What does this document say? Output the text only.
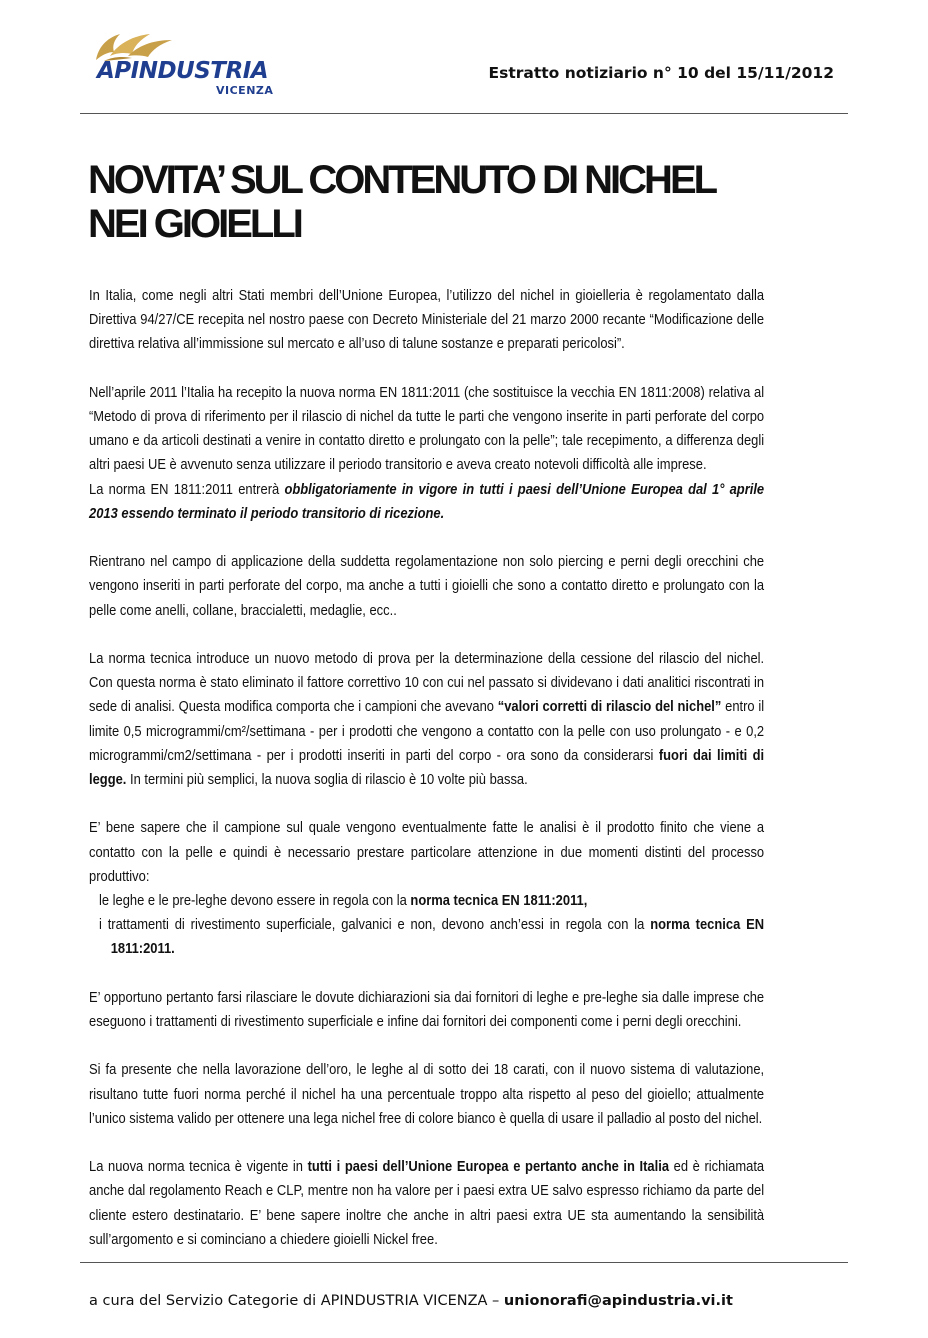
APINDUSTRIA
VICENZA
Estratto notiziario n° 10 del 15/11/2012
NOVITA’ SUL CONTENUTO DI NICHEL
NEI GIOIELLI

In Italia, come negli altri Stati membri dell’Unione Europea, l’utilizzo del nichel in gioielleria è regolamentato dalla Direttiva 94/27/CE recepita nel nostro paese con Decreto Ministeriale del 21 marzo 2000 recante “Modificazione delle direttiva relativa all’immissione sul mercato e all’uso di talune sostanze e preparati pericolosi”.

Nell’aprile 2011 l’Italia ha recepito la nuova norma EN 1811:2011 (che sostituisce la vecchia EN 1811:2008) relativa al “Metodo di prova di riferimento per il rilascio di nichel da tutte le parti che vengono inserite in parti perforate del corpo umano e da articoli destinati a venire in contatto diretto e prolungato con la pelle”; tale recepimento, a differenza degli altri paesi UE è avvenuto senza utilizzare il periodo transitorio e aveva creato notevoli difficoltà alle imprese.

La norma EN 1811:2011 entrerà obbligatoriamente in vigore in tutti i paesi dell’Unione Europea dal 1° aprile 2013 essendo terminato il periodo transitorio di ricezione.

Rientrano nel campo di applicazione della suddetta regolamentazione non solo piercing e perni degli orecchini che vengono inseriti in parti perforate del corpo, ma anche a tutti i gioielli che sono a contatto diretto e prolungato con la pelle come anelli, collane, braccialetti, medaglie, ecc..

La norma tecnica introduce un nuovo metodo di prova per la determinazione della cessione del rilascio del nichel. Con questa norma è stato eliminato il fattore correttivo 10 con cui nel passato si dividevano i dati analitici riscontrati in sede di analisi. Questa modifica comporta che i campioni che avevano “valori corretti di rilascio del nichel” entro il limite 0,5 microgrammi/cm²/settimana - per i prodotti che vengono a contatto con la pelle con uso prolungato - e 0,2 microgrammi/cm2/settimana - per i prodotti inseriti in parti del corpo - ora sono da considerarsi fuori dai limiti di legge. In termini più semplici, la nuova soglia di rilascio è 10 volte più bassa.

E’ bene sapere che il campione sul quale vengono eventualmente fatte le analisi è il prodotto finito che viene a contatto con la pelle e quindi è necessario prestare particolare attenzione in due momenti distinti del processo produttivo:

le leghe e le pre-leghe devono essere in regola con la norma tecnica EN 1811:2011,
i trattamenti di rivestimento superficiale, galvanici e non, devono anch’essi in regola con la norma tecnica EN 1811:2011.

E’ opportuno pertanto farsi rilasciare le dovute dichiarazioni sia dai fornitori di leghe e pre-leghe sia dalle imprese che eseguono i trattamenti di rivestimento superficiale e infine dai fornitori dei componenti come i perni degli orecchini.

Si fa presente che nella lavorazione dell’oro, le leghe al di sotto dei 18 carati, con il nuovo sistema di valutazione, risultano tutte fuori norma perché il nichel ha una percentuale troppo alta rispetto al peso del gioiello; attualmente l’unico sistema valido per ottenere una lega nichel free di colore bianco è quella di usare il palladio al posto del nichel.

La nuova norma tecnica è vigente in tutti i paesi dell’Unione Europea e pertanto anche in Italia ed è richiamata anche dal regolamento Reach e CLP, mentre non ha valore per i paesi extra UE salvo espresso richiamo da parte del cliente estero destinatario. E’ bene sapere inoltre che anche in altri paesi extra UE sta aumentando la sensibilità sull’argomento e si cominciano a chiedere gioielli Nickel free.

a cura del Servizio Categorie di APINDUSTRIA VICENZA – unionorafi@apindustria.vi.it
